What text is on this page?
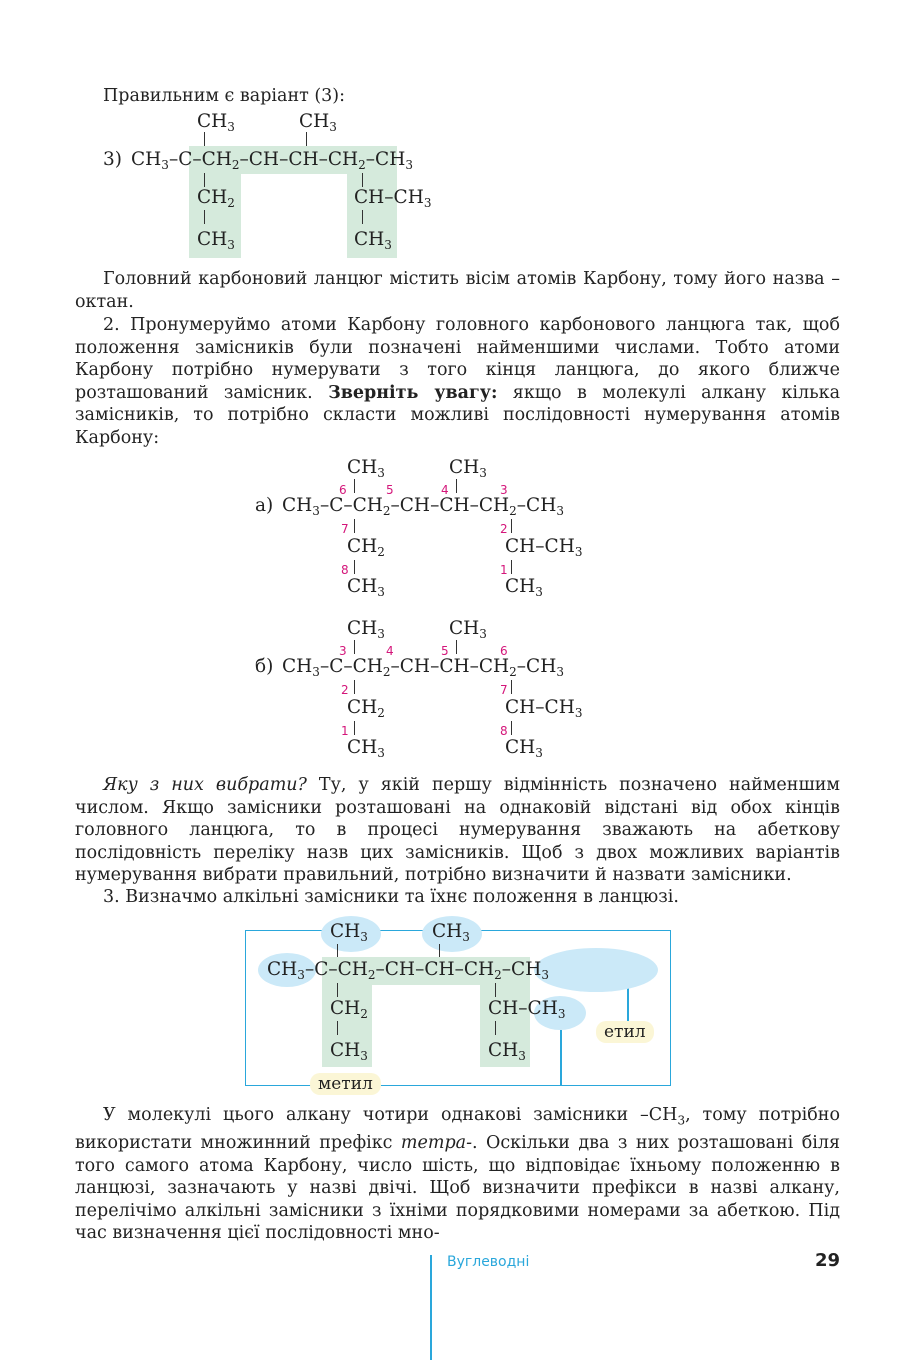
Правильним є варіант (3):
3)
$CH_3$	$CH_3$
$CH_3-C-CH_2-CH-CH-CH_2-CH_3$
$CH_2$	$CH-CH_3$
$CH_3$	$CH_3$
Головний карбоновий ланцюг містить вісім атомів Карбону, тому його назва – октан.
2. Пронумеруймо атоми Карбону головного карбонового ланцюга так, щоб положення замісників були позначені найменшими числами. Тобто атоми Карбону потрібно нумерувати з того кінця ланцюга, до якого ближче розташований замісник. Зверніть увагу: якщо в молекулі алкану кілька замісників, то потрібно скласти можливі послідовності нумерування атомів Карбону:
а)
$CH_3$	$CH_3$
6	5	4	3
$CH_3-C-CH_2-CH-CH-CH_2-CH_3$
7	2
$CH_2$	$CH-CH_3$
8	1
$CH_3$	$CH_3$
б)
$CH_3$	$CH_3$
3	4	5	6
$CH_3-C-CH_2-CH-CH-CH_2-CH_3$
2	7
$CH_2$	$CH-CH_3$
1	8
$CH_3$	$CH_3$
Яку з них вибрати? Ту, у якій першу відмінність позначено найменшим числом. Якщо замісники розташовані на однаковій відстані від обох кінців головного ланцюга, то в процесі нумерування зважають на абеткову послідовність переліку назв цих замісників. Щоб з двох можливих варіантів нумерування вибрати правильний, потрібно визначити й назвати замісники.
3. Визначмо алкільні замісники та їхнє положення в ланцюзі.
$CH_3$	$CH_3$
$CH_3-C-CH_2-CH-CH-CH_2-CH_3$
$CH_2$	$CH-CH_3$
$CH_3$	$CH_3$
етил
метил
У молекулі цього алкану чотири однакові замісники $-CH_3$, тому потрібно використати множинний префікс тетра-. Оскільки два з них розташовані біля того самого атома Карбону, число шість, що відповідає їхньому положенню в ланцюзі, зазначають у назві двічі. Щоб визначити префікси в назві алкану, перелічімо алкільні замісники з їхніми порядковими номерами за абеткою. Під час визначення цієї послідовності мно-
Вуглеводні	29
